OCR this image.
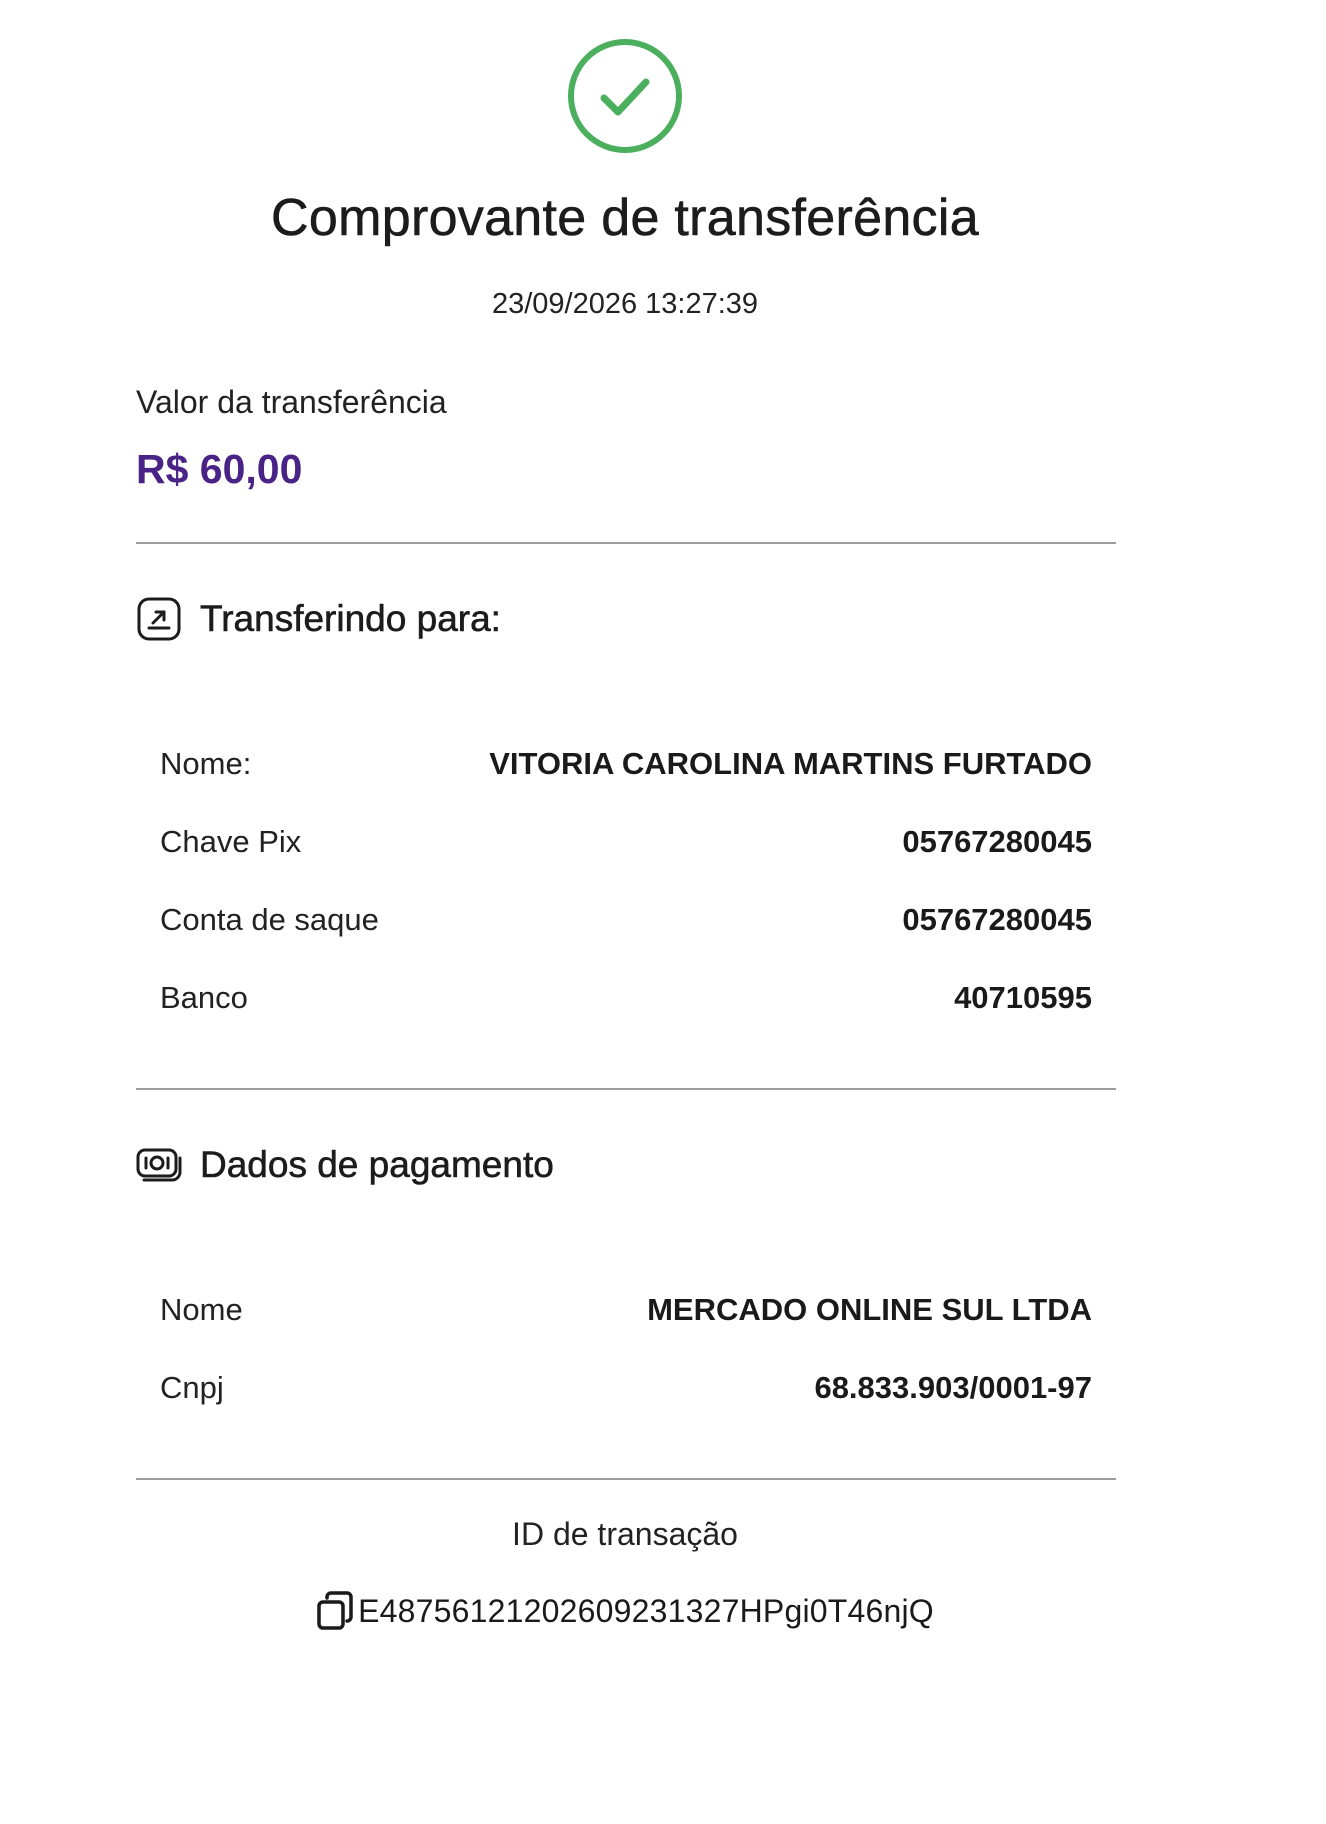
Comprovante de transferência
23/09/2026 13:27:39
Valor da transferência
R$ 60,00
Transferindo para:
Nome:	VITORIA CAROLINA MARTINS FURTADO
Chave Pix	05767280045
Conta de saque	05767280045
Banco	40710595
Dados de pagamento
Nome	MERCADO ONLINE SUL LTDA
Cnpj	68.833.903/0001-97
ID de transação
E48756121202609231327HPgi0T46njQ
